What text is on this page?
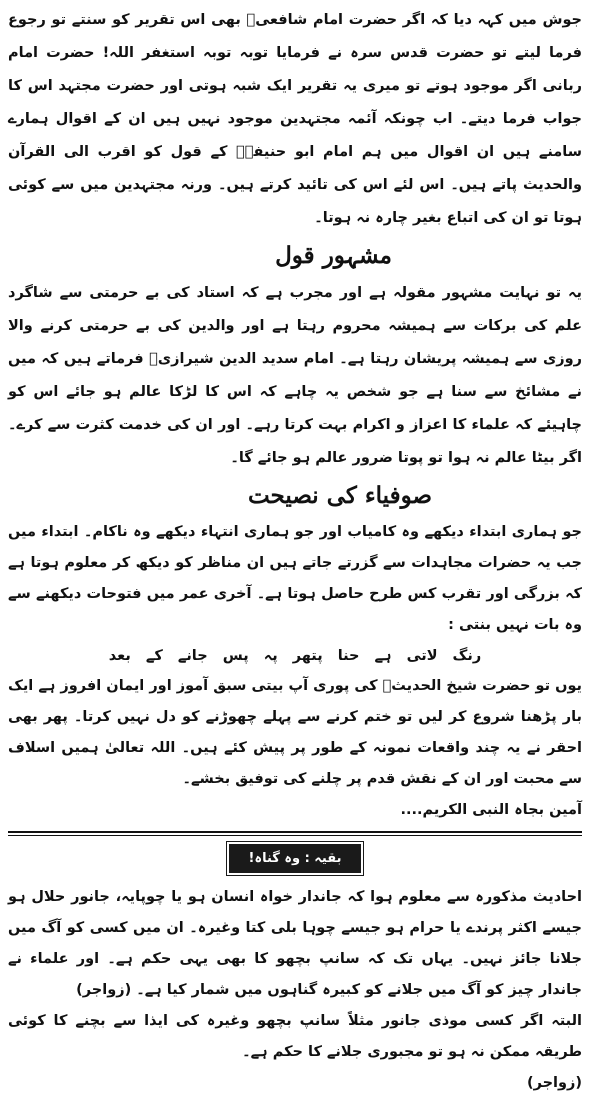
جوش میں کہہ دیا کہ اگر حضرت امام شافعیؒ بھی اس تقریر کو سنتے تو رجوع فرما لیتے تو حضرت قدس سرہ نے فرمایا توبہ توبہ استغفر اللہ! حضرت امام ربانی اگر موجود ہوتے تو میری یہ تقریر ایک شبہ ہوتی اور حضرت مجتہد اس کا جواب فرما دیتے۔ اب چونکہ آئمہ مجتہدین موجود نہیں ہیں ان کے اقوال ہمارے سامنے ہیں ان اقوال میں ہم امام ابو حنیفہؒ کے قول کو اقرب الی القرآن والحدیث پاتے ہیں۔ اس لئے اس کی تائید کرتے ہیں۔ ورنہ مجتہدین میں سے کوئی ہوتا تو ان کی اتباع بغیر چارہ نہ ہوتا۔

مشہور قول

یہ تو نہایت مشہور مقولہ ہے اور مجرب ہے کہ استاد کی بے حرمتی سے شاگرد علم کی برکات سے ہمیشہ محروم رہتا ہے اور والدین کی بے حرمتی کرنے والا روزی سے ہمیشہ پریشان رہتا ہے۔ امام سدید الدین شیرازیؒ فرماتے ہیں کہ میں نے مشائخ سے سنا ہے جو شخص یہ چاہے کہ اس کا لڑکا عالم ہو جائے اس کو چاہیئے کہ علماء کا اعزاز و اکرام بہت کرتا رہے۔ اور ان کی خدمت کثرت سے کرے۔ اگر بیٹا عالم نہ ہوا تو پوتا ضرور عالم ہو جائے گا۔

صوفیاء کی نصیحت

جو ہماری ابتداء دیکھے وہ کامیاب اور جو ہماری انتہاء دیکھے وہ ناکام۔ ابتداء میں جب یہ حضرات مجاہدات سے گزرتے جاتے ہیں ان مناظر کو دیکھ کر معلوم ہوتا ہے کہ بزرگی اور تقرب کس طرح حاصل ہوتا ہے۔ آخری عمر میں فتوحات دیکھنے سے وہ بات نہیں بنتی :

رنگ لاتی ہے حنا پتھر پہ پس جانے کے بعد

یوں تو حضرت شیخ الحدیثؒ کی پوری آپ بیتی سبق آموز اور ایمان افروز ہے ایک بار پڑھنا شروع کر لیں تو ختم کرنے سے پہلے چھوڑنے کو دل نہیں کرتا۔ پھر بھی احقر نے یہ چند واقعات نمونہ کے طور پر پیش کئے ہیں۔ اللہ تعالیٰ ہمیں اسلاف سے محبت اور ان کے نقش قدم پر چلنے کی توفیق بخشے۔

آمین بجاہ النبی الکریم....

بقیہ : وہ گناہ!

احادیث مذکورہ سے معلوم ہوا کہ جاندار خواہ انسان ہو یا چوپایہ، جانور حلال ہو جیسے اکثر پرندے یا حرام ہو جیسے چوہا بلی کتا وغیرہ۔ ان میں کسی کو آگ میں جلانا جائز نہیں۔ یہاں تک کہ سانپ بچھو کا بھی یہی حکم ہے۔ اور علماء نے جاندار چیز کو آگ میں جلانے کو کبیرہ گناہوں میں شمار کیا ہے۔ (زواجر)

البتہ اگر کسی موذی جانور مثلاً سانپ بچھو وغیرہ کی ایذا سے بچنے کا کوئی طریقہ ممکن نہ ہو تو مجبوری جلانے کا حکم ہے۔

(زواجر)
